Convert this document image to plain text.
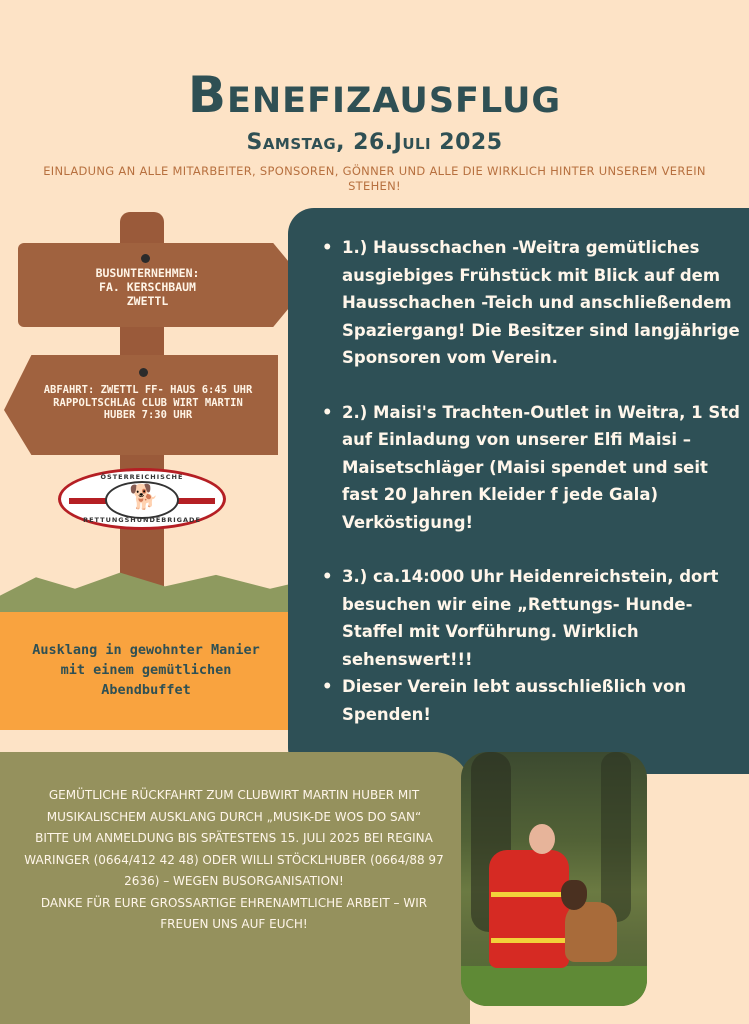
Benefizausflug
Samstag, 26.Juli 2025
EINLADUNG AN ALLE MITARBEITER, SPONSOREN, GÖNNER UND ALLE DIE WIRKLICH HINTER UNSEREM VEREIN STEHEN!
BUSUNTERNEHMEN:
FA. KERSCHBAUM
ZWETTL
ABFAHRT: ZWETTL FF- HAUS 6:45 UHR
RAPPOLTSCHLAG CLUB WIRT MARTIN
HUBER 7:30 UHR
🐕
ÖSTERREICHISCHE
RETTUNGSHUNDEBRIGADE
Ausklang in gewohnter Manier mit einem gemütlichen Abendbuffet
• 1.) Hausschachen -Weitra gemütliches ausgiebiges Frühstück mit Blick auf dem Hausschachen -Teich und anschließendem Spaziergang! Die Besitzer sind langjährige Sponsoren vom Verein.
• 2.) Maisi's Trachten-Outlet in Weitra, 1 Std auf Einladung von unserer Elfi Maisi – Maisetschläger (Maisi spendet und seit fast 20 Jahren Kleider f jede Gala) Verköstigung!
• 3.) ca.14:000 Uhr Heidenreichstein, dort besuchen wir eine „Rettungs- Hunde-Staffel mit Vorführung. Wirklich sehenswert!!!
• Dieser Verein lebt ausschließlich von Spenden!
GEMÜTLICHE RÜCKFAHRT ZUM CLUBWIRT MARTIN HUBER MIT MUSIKALISCHEM AUSKLANG DURCH „MUSIK-DE WOS DO SAN“
BITTE UM ANMELDUNG BIS SPÄTESTENS 15. JULI 2025 BEI REGINA WARINGER (0664/412 42 48) ODER WILLI STÖCKLHUBER (0664/88 97 2636) – WEGEN BUSORGANISATION!
DANKE FÜR EURE GROSSARTIGE EHRENAMTLICHE ARBEIT – WIR FREUEN UNS AUF EUCH!
